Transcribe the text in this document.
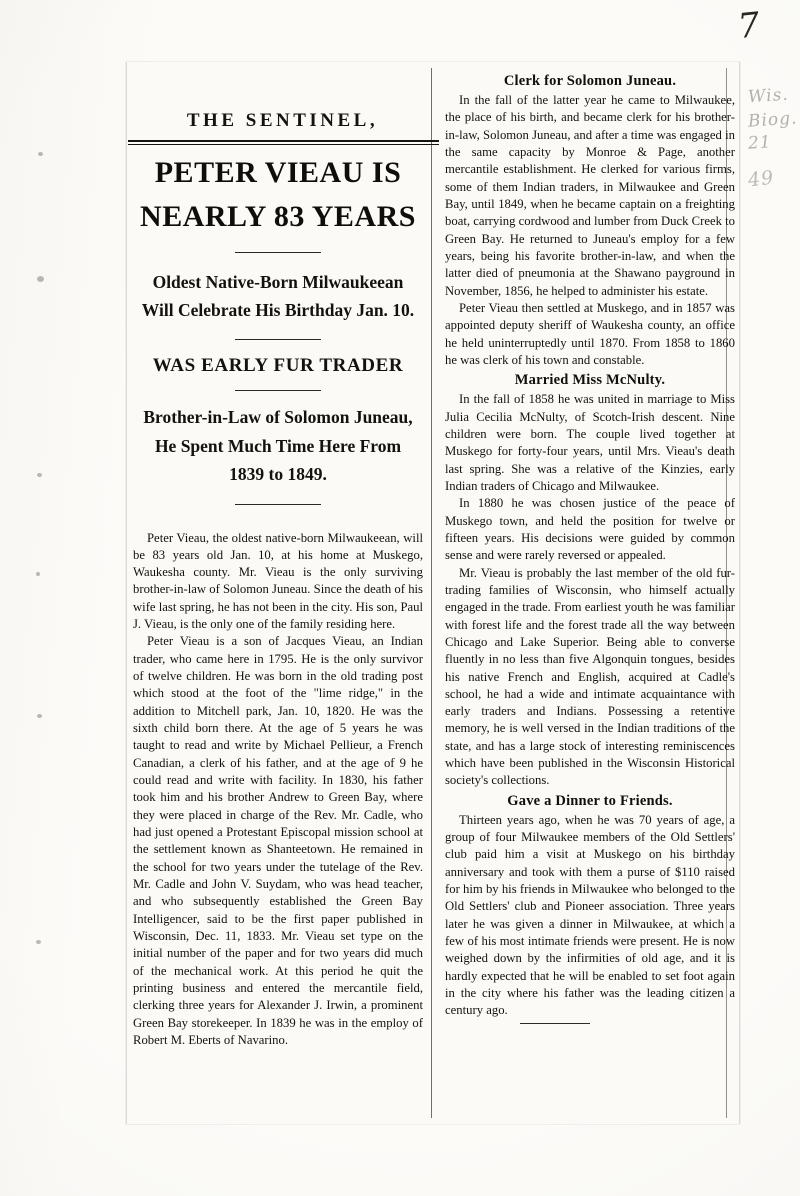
7
Wis.
Biog.
21
49
THE SENTINEL,
PETER VIEAU IS
NEARLY 83 YEARS
Oldest Native-Born Milwaukeean Will Celebrate His Birthday Jan. 10.
WAS EARLY FUR TRADER
Brother-in-Law of Solomon Juneau, He Spent Much Time Here From 1839 to 1849.

Peter Vieau, the oldest native-born Milwaukeean, will be 83 years old Jan. 10, at his home at Muskego, Waukesha county. Mr. Vieau is the only surviving brother-in-law of Solomon Juneau. Since the death of his wife last spring, he has not been in the city. His son, Paul J. Vieau, is the only one of the family residing here.

Peter Vieau is a son of Jacques Vieau, an Indian trader, who came here in 1795. He is the only survivor of twelve children. He was born in the old trading post which stood at the foot of the "lime ridge," in the addition to Mitchell park, Jan. 10, 1820. He was the sixth child born there. At the age of 5 years he was taught to read and write by Michael Pellieur, a French Canadian, a clerk of his father, and at the age of 9 he could read and write with facility. In 1830, his father took him and his brother Andrew to Green Bay, where they were placed in charge of the Rev. Mr. Cadle, who had just opened a Protestant Episcopal mission school at the settlement known as Shanteetown. He remained in the school for two years under the tutelage of the Rev. Mr. Cadle and John V. Suydam, who was head teacher, and who subsequently established the Green Bay Intelligencer, said to be the first paper published in Wisconsin, Dec. 11, 1833. Mr. Vieau set type on the initial number of the paper and for two years did much of the mechanical work. At this period he quit the printing business and entered the mercantile field, clerking three years for Alexander J. Irwin, a prominent Green Bay storekeeper. In 1839 he was in the employ of Robert M. Eberts of Navarino.

Clerk for Solomon Juneau.

In the fall of the latter year he came to Milwaukee, the place of his birth, and became clerk for his brother-in-law, Solomon Juneau, and after a time was engaged in the same capacity by Monroe & Page, another mercantile establishment. He clerked for various firms, some of them Indian traders, in Milwaukee and Green Bay, until 1849, when he became captain on a freighting boat, carrying cordwood and lumber from Duck Creek to Green Bay. He returned to Juneau's employ for a few years, being his favorite brother-in-law, and when the latter died of pneumonia at the Shawano payground in November, 1856, he helped to administer his estate.

Peter Vieau then settled at Muskego, and in 1857 was appointed deputy sheriff of Waukesha county, an office he held uninterruptedly until 1870. From 1858 to 1860 he was clerk of his town and constable.

Married Miss McNulty.

In the fall of 1858 he was united in marriage to Miss Julia Cecilia McNulty, of Scotch-Irish descent. Nine children were born. The couple lived together at Muskego for forty-four years, until Mrs. Vieau's death last spring. She was a relative of the Kinzies, early Indian traders of Chicago and Milwaukee.

In 1880 he was chosen justice of the peace of Muskego town, and held the position for twelve or fifteen years. His decisions were guided by common sense and were rarely reversed or appealed.

Mr. Vieau is probably the last member of the old fur-trading families of Wisconsin, who himself actually engaged in the trade. From earliest youth he was familiar with forest life and the forest trade all the way between Chicago and Lake Superior. Being able to converse fluently in no less than five Algonquin tongues, besides his native French and English, acquired at Cadle's school, he had a wide and intimate acquaintance with early traders and Indians. Possessing a retentive memory, he is well versed in the Indian traditions of the state, and has a large stock of interesting reminiscences which have been published in the Wisconsin Historical society's collections.

Gave a Dinner to Friends.

Thirteen years ago, when he was 70 years of age, a group of four Milwaukee members of the Old Settlers' club paid him a visit at Muskego on his birthday anniversary and took with them a purse of $110 raised for him by his friends in Milwaukee who belonged to the Old Settlers' club and Pioneer association. Three years later he was given a dinner in Milwaukee, at which a few of his most intimate friends were present. He is now weighed down by the infirmities of old age, and it is hardly expected that he will be enabled to set foot again in the city where his father was the leading citizen a century ago.
